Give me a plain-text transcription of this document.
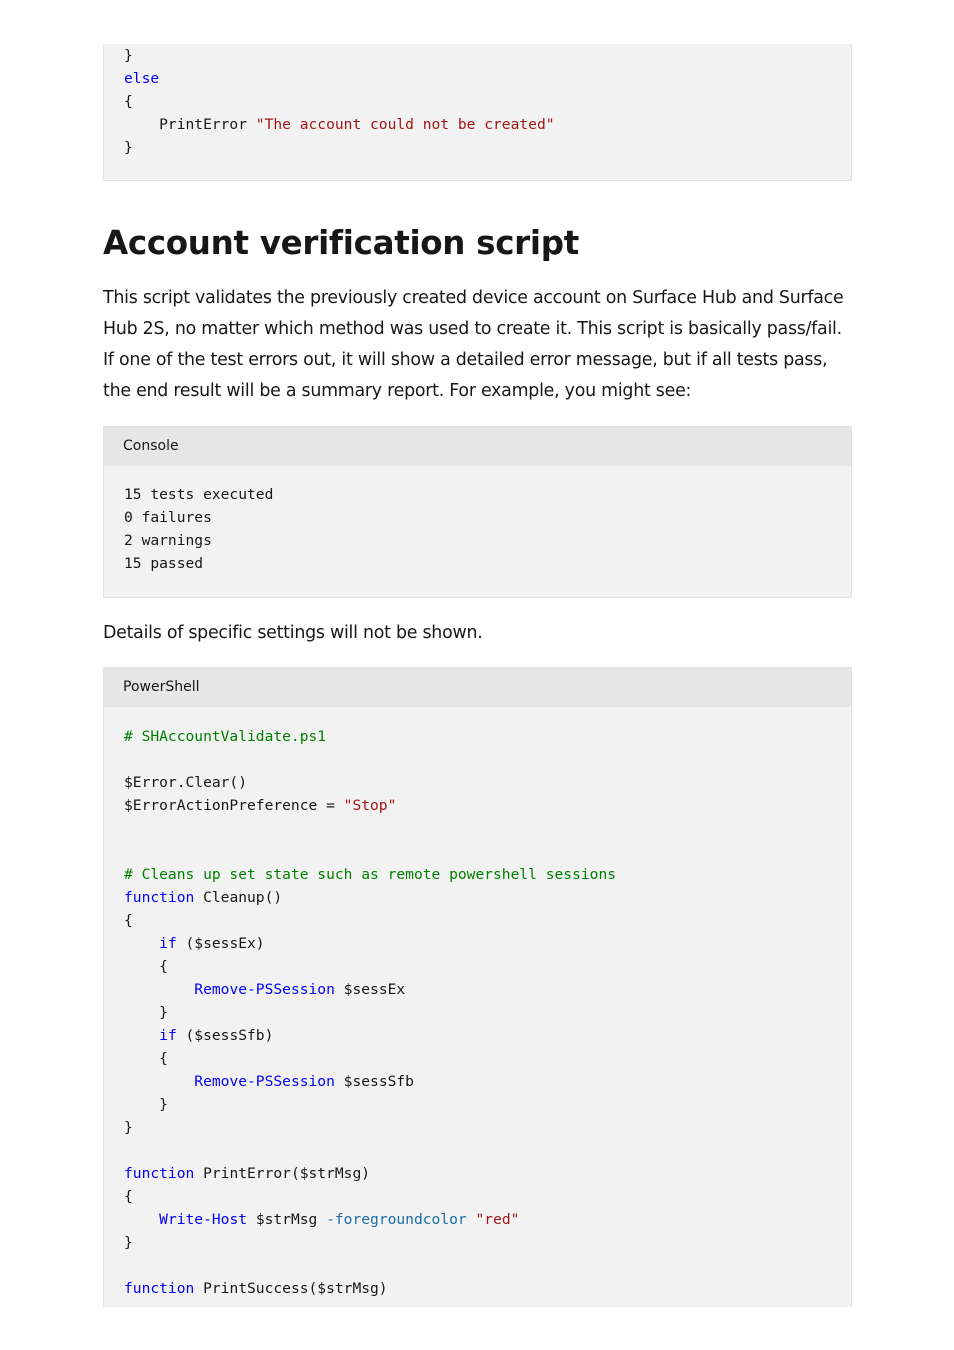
}
else
{
PrintError "The account could not be created"
}
Account verification script

This script validates the previously created device account on Surface Hub and Surface Hub 2S, no matter which method was used to create it. This script is basically pass/fail. If one of the test errors out, it will show a detailed error message, but if all tests pass, the end result will be a summary report. For example, you might see:

Console
15 tests executed
0 failures
2 warnings
15 passed

Details of specific settings will not be shown.

PowerShell
# SHAccountValidate.ps1

$Error.Clear()
$ErrorActionPreference = "Stop"

# Cleans up set state such as remote powershell sessions
function Cleanup()
{
if ($sessEx)
{
Remove-PSSession $sessEx
}
if ($sessSfb)
{
Remove-PSSession $sessSfb
}
}

function PrintError($strMsg)
{
Write-Host $strMsg -foregroundcolor "red"
}

function PrintSuccess($strMsg)
